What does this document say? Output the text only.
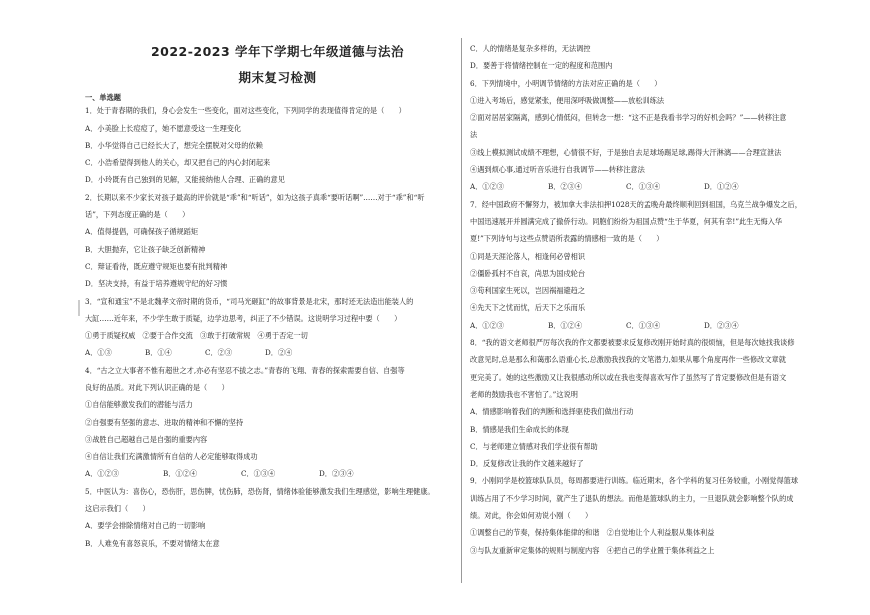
2022-2023 学年下学期七年级道德与法治
期末复习检测
一、单选题
1．处于青春期的我们，身心会发生一些变化，面对这些变化，下列同学的表现值得肯定的是（　　）
A．小美脸上长痘痘了，她不愿意受这一生理变化
B．小华觉得自己已经长大了，想完全摆脱对父母的依赖
C．小浩希望得到他人的关心，却又把自己的内心封闭起来
D．小玲既有自己独到的见解，又能接纳他人合理、正确的意见
2．长期以来不少家长对孩子最高的评价就是“乖”和“听话”，如为这孩子真乖“要听话啊”……对于“乖”和“听
话”，下列态度正确的是（　　）
A．值得提倡，可确保孩子循规蹈矩
B．大胆抛弃，它让孩子缺乏创新精神
C．辩证看待，既应遵守规矩也要有批判精神
D．坚决支持，有益于培养遵规守纪的好习惯
3．“宣和通宝”不是北魏孝文帝时期的货币，“司马光砸缸”的故事背景是北宋，那时还无法造出能装人的
大缸……近年来，不少学生敢于质疑，边学边思考，纠正了不少错误。这说明学习过程中要（　　）
①勇于质疑权威　②要于合作交流　③敢于打破常规　④勇于否定一切
A．①③	B．①④	C．②③	D．②④
4．“古之立大事者不惟有超世之才,亦必有坚忍不拔之志。”青春的飞翔、青春的探索需要自信、自强等
良好的品质。对此下列认识正确的是（　　）
①自信能够激发我们的潜能与活力
②自强要有坚强的意志、进取的精神和不懈的坚持
③战胜自己超越自己是自强的重要内容
④自信让我们充满激情所有自信的人必定能够取得成功
A．①②③	B．①②④	C．①③④	D．②③④
5．中医认为：喜伤心，恐伤肝，思伤脾，忧伤肺，恐伤肾，情绪体验能够激发我们生理感觉，影响生理健康。
这启示我们（　　）
A．要学会排除情绪对自己的一切影响
B．人难免有喜怒哀乐，不要对情绪太在意
C．人的情绪是复杂多样的，无法调控
D．要善于将情绪控制在一定的程度和范围内
6．下列情境中，小明调节情绪的方法对应正确的是（　　）
①进入考场后，感觉紧张，便用深呼吸做调整——放松训练法
②面对居居家隔离，感到心情低闷，但转念一想：“这不正是我看书学习的好机会吗？”——转移注意
法
③线上模拟测试成绩不理想，心情很不好，于是独自去足球场踢足球,踢得大汗淋漓——合理宣泄法
④遇到烦心事,通过听音乐进行自我调节——转移注意法
A．①②③	B．②③④	C．①③④	D．①②④
7．经中国政府不懈努力，被加拿大非法扣押1028天的孟晚舟最终顺利回到祖国，乌克兰战争爆发之后，
中国迅速展开并圆满完成了撤侨行动。同胞们纷纷为祖国点赞“生于华夏，何其有幸!”此生无悔入华
夏!”下列诗句与这些点赞语所表露的情感相一致的是（　　）
①同是天涯沦落人，相逢何必曾相识
②僵卧孤村不自哀，尚思为国戍轮台
③苟利国家生死以，岂因祸福避趋之
④先天下之忧而忧，后天下之乐而乐
A．①②③	B．①②④	C．①③④	D．②③④
8．“我的语文老师很严厉每次我的作文都要被要求反复修改刚开始时真的很烦恼，但是每次她找我谈修
改意见时,总是那么和蔼那么语重心长,总激励我找我的文笔潜力,如果从哪个角度再作一些修改文章就
更完美了。她的这些激励又让我很感动所以或在我也变得喜欢写作了虽然写了肯定要修改但是有语文
老师的鼓励我也不害怕了。”这说明
A．情感影响着我们的判断和选择驱使我们做出行动
B．情感是我们生命成长的体现
C．与老师建立情感对我们学业很有帮助
D．反复修改让我的作文越来越好了
9．小刚同学是校篮球队队员，每周都要进行训练。临近期末，各个学科的复习任务较重，小刚觉得篮球
训练占用了不少学习时间，就产生了退队的想法。而他是篮球队的主力，一旦退队就会影响整个队的成
绩。对此，你会如何劝说小刚（　　）
①调整自己的节奏，保持集体能律的和谐　②自觉地让个人利益服从集体利益
③与队友重新审定集体的规则与制度内容　④把自己的学业置于集体利益之上
